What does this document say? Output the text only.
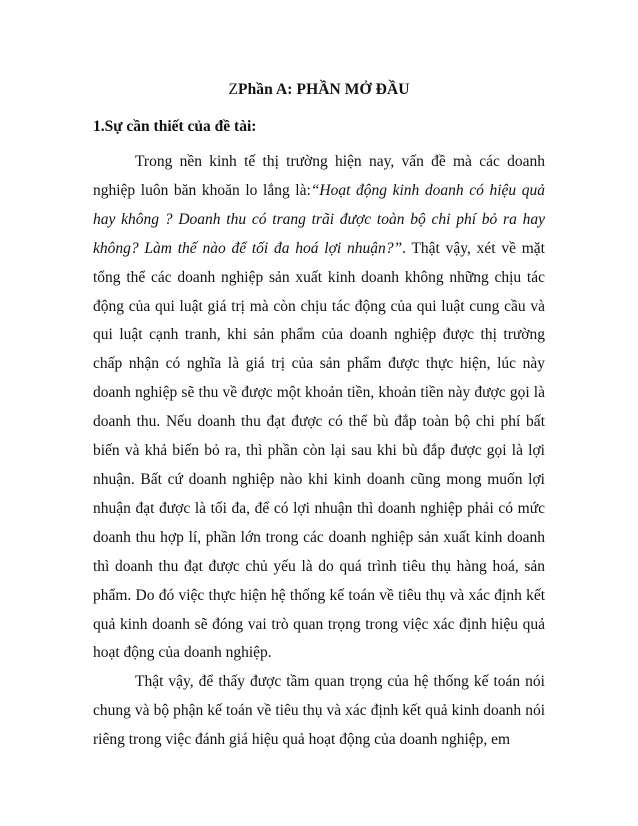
ZPhần A: PHẦN MỞ ĐẦU
1.Sự cần thiết của đề tài:

Trong nền kinh tế thị trường hiện nay, vấn đề mà các doanh nghiệp luôn băn khoăn lo lắng là:“Hoạt động kinh doanh có hiệu quả hay không ? Doanh thu có trang trãi được toàn bộ chi phí bỏ ra hay không? Làm thế nào để tối đa hoá lợi nhuận?”. Thật vậy, xét về mặt tổng thể các doanh nghiệp sản xuất kinh doanh không những chịu tác động của qui luật giá trị mà còn chịu tác động của qui luật cung cầu và qui luật cạnh tranh, khi sản phẩm của doanh nghiệp được thị trường chấp nhận có nghĩa là giá trị của sản phẩm được thực hiện, lúc này doanh nghiệp sẽ thu về được một khoản tiền, khoản tiền này được gọi là doanh thu. Nếu doanh thu đạt được có thể bù đắp toàn bộ chi phí bất biến và khả biến bỏ ra, thì phần còn lại sau khi bù đắp được gọi là lợi nhuận. Bất cứ doanh nghiệp nào khi kinh doanh cũng mong muốn lợi nhuận đạt được là tối đa, để có lợi nhuận thì doanh nghiệp phải có mức doanh thu hợp lí, phần lớn trong các doanh nghiệp sản xuất kinh doanh thì doanh thu đạt được chủ yếu là do quá trình tiêu thụ hàng hoá, sản phẩm. Do đó việc thực hiện hệ thống kế toán về tiêu thụ và xác định kết quả kinh doanh sẽ đóng vai trò quan trọng trong việc xác định hiệu quả hoạt động của doanh nghiệp.

Thật vậy, để thấy được tầm quan trọng của hệ thống kế toán nói chung và bộ phận kế toán về tiêu thụ và xác định kết quả kinh doanh nói riêng trong việc đánh giá hiệu quả hoạt động của doanh nghiệp, em
